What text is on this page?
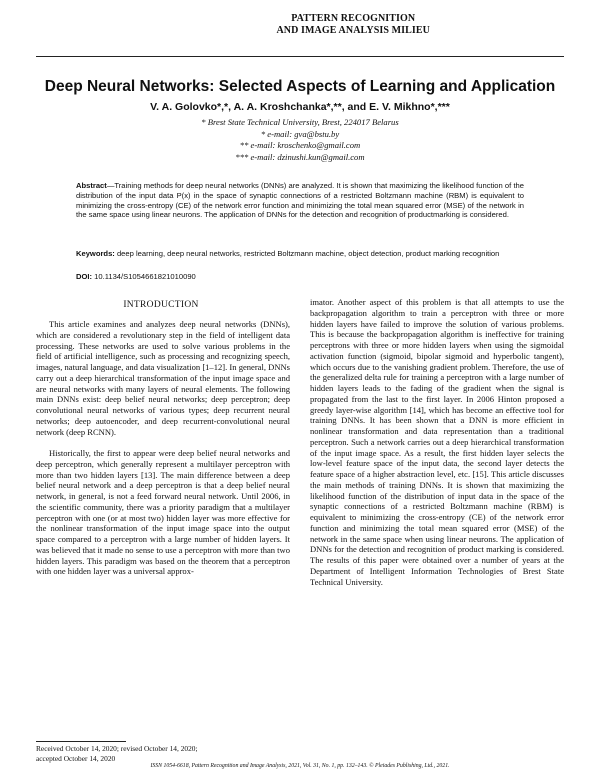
PATTERN RECOGNITION
AND IMAGE ANALYSIS MILIEU
Deep Neural Networks: Selected Aspects of Learning and Application
V. A. Golovko*,*, A. A. Kroshchanka*,**, and E. V. Mikhno*,***
* Brest State Technical University, Brest, 224017 Belarus
* e-mail: gva@bstu.by
** e-mail: kroschenko@gmail.com
*** e-mail: dzinushi.kun@gmail.com
Abstract—Training methods for deep neural networks (DNNs) are analyzed. It is shown that maximizing the likelihood function of the distribution of the input data P(x) in the space of synaptic connections of a restricted Boltzmann machine (RBM) is equivalent to minimizing the cross-entropy (CE) of the network error function and minimizing the total mean squared error (MSE) of the network in the same space using linear neurons. The application of DNNs for the detection and recognition of productmarking is considered.
Keywords: deep learning, deep neural networks, restricted Boltzmann machine, object detection, product marking recognition
DOI: 10.1134/S1054661821010090
INTRODUCTION

This article examines and analyzes deep neural networks (DNNs), which are considered a revolutionary step in the field of intelligent data processing. These networks are used to solve various problems in the field of artificial intelligence, such as processing and recognizing speech, images, natural language, and data visualization [1–12]. In general, DNNs carry out a deep hierarchical transformation of the input image space and are neural networks with many layers of neural elements. The following main DNNs exist: deep belief neural networks; deep perceptron; deep convolutional neural networks of various types; deep recurrent neural networks; deep autoencoder, and deep recurrent-convolutional neural network (deep RCNN).

Historically, the first to appear were deep belief neural networks and deep perceptron, which generally represent a multilayer perceptron with more than two hidden layers [13]. The main difference between a deep belief neural network and a deep perceptron is that a deep belief neural network, in general, is not a feed forward neural network. Until 2006, in the scientific community, there was a priority paradigm that a multilayer perceptron with one (or at most two) hidden layer was more effective for the nonlinear transformation of the input image space into the output space compared to a perceptron with a large number of hidden layers. It was believed that it made no sense to use a perceptron with more than two hidden layers. This paradigm was based on the theorem that a perceptron with one hidden layer was a universal approx-

imator. Another aspect of this problem is that all attempts to use the backpropagation algorithm to train a perceptron with three or more hidden layers have failed to improve the solution of various problems. This is because the backpropagation algorithm is ineffective for training perceptrons with three or more hidden layers when using the sigmoidal activation function (sigmoid, bipolar sigmoid and hyperbolic tangent), which occurs due to the vanishing gradient problem. Therefore, the use of the generalized delta rule for training a perceptron with a large number of hidden layers leads to the fading of the gradient when the signal is propagated from the last to the first layer. In 2006 Hinton proposed a greedy layer-wise algorithm [14], which has become an effective tool for training DNNs. It has been shown that a DNN is more efficient in nonlinear transformation and data representation than a traditional perceptron. Such a network carries out a deep hierarchical transformation of the input image space. As a result, the first hidden layer selects the low-level feature space of the input data, the second layer detects the feature space of a higher abstraction level, etc. [15]. This article discusses the main methods of training DNNs. It is shown that maximizing the likelihood function of the distribution of input data in the space of the synaptic connections of a restricted Boltzmann machine (RBM) is equivalent to minimizing the cross-entropy (CE) of the network error function and minimizing the total mean squared error (MSE) of the network in the same space when using linear neurons. The application of DNNs for the detection and recognition of product marking is considered. The results of this paper were obtained over a number of years at the Department of Intelligent Information Technologies of Brest State Technical University.

Received October 14, 2020; revised October 14, 2020;
accepted October 14, 2020
ISSN 1054-6618, Pattern Recognition and Image Analysis, 2021, Vol. 31, No. 1, pp. 132–143. © Pleiades Publishing, Ltd., 2021.
